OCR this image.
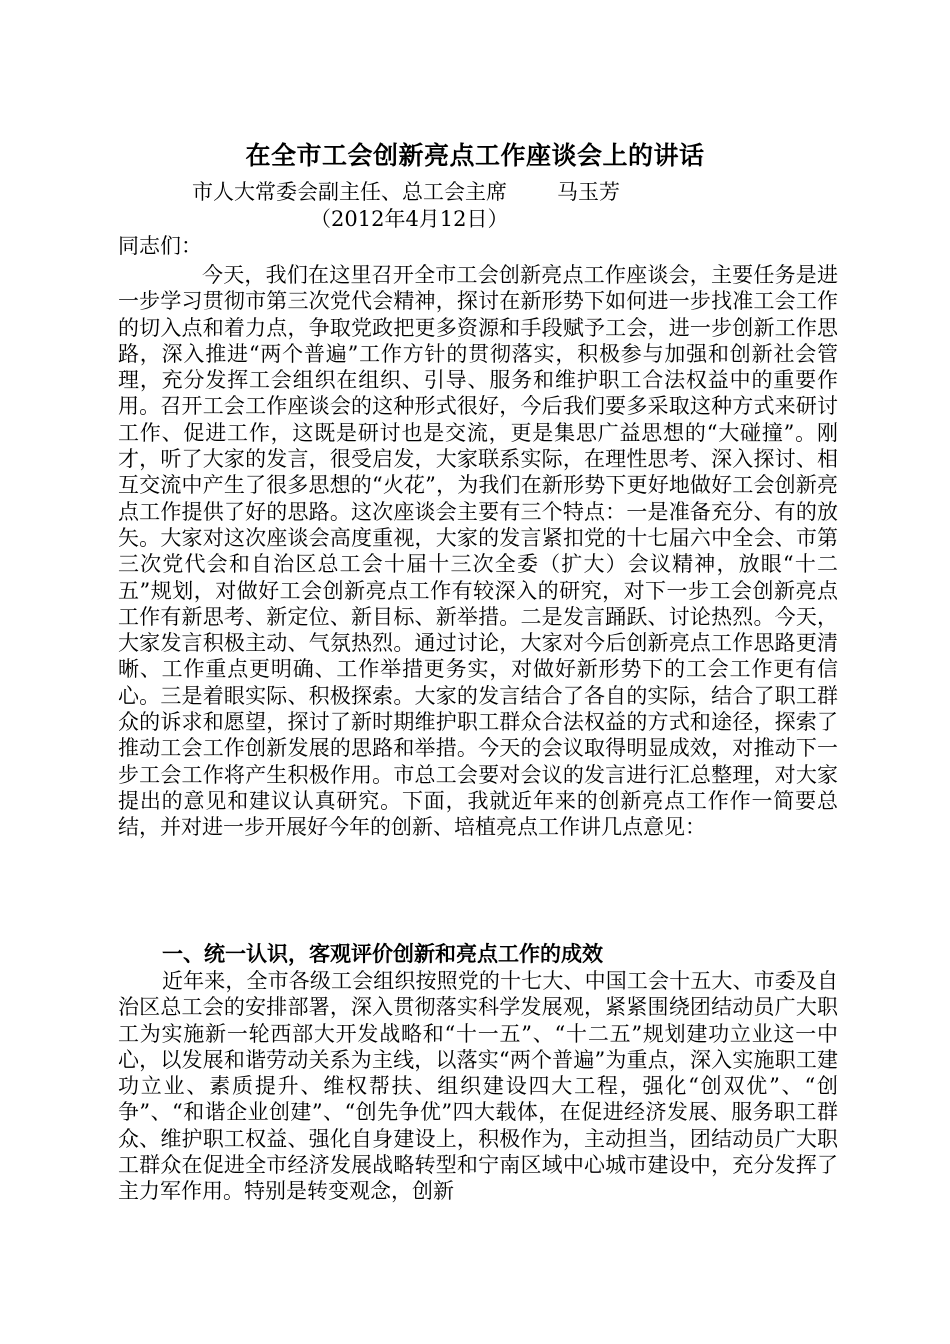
在全市工会创新亮点工作座谈会上的讲话
市人大常委会副主任、总工会主席 马玉芳
（2012年4月12日）
同志们：
今天，我们在这里召开全市工会创新亮点工作座谈会，主要任务是进一步学习贯彻市第三次党代会精神，探讨在新形势下如何进一步找准工会工作的切入点和着力点，争取党政把更多资源和手段赋予工会，进一步创新工作思路，深入推进“两个普遍”工作方针的贯彻落实，积极参与加强和创新社会管理，充分发挥工会组织在组织、引导、服务和维护职工合法权益中的重要作用。召开工会工作座谈会的这种形式很好，今后我们要多采取这种方式来研讨工作、促进工作，这既是研讨也是交流，更是集思广益思想的“大碰撞”。刚才，听了大家的发言，很受启发，大家联系实际，在理性思考、深入探讨、相互交流中产生了很多思想的“火花”，为我们在新形势下更好地做好工会创新亮点工作提供了好的思路。这次座谈会主要有三个特点：一是准备充分、有的放矢。大家对这次座谈会高度重视，大家的发言紧扣党的十七届六中全会、市第三次党代会和自治区总工会十届十三次全委（扩大）会议精神，放眼“十二五”规划，对做好工会创新亮点工作有较深入的研究，对下一步工会创新亮点工作有新思考、新定位、新目标、新举措。二是发言踊跃、讨论热烈。今天，大家发言积极主动、气氛热烈。通过讨论，大家对今后创新亮点工作思路更清晰、工作重点更明确、工作举措更务实，对做好新形势下的工会工作更有信心。三是着眼实际、积极探索。大家的发言结合了各自的实际，结合了职工群众的诉求和愿望，探讨了新时期维护职工群众合法权益的方式和途径，探索了推动工会工作创新发展的思路和举措。今天的会议取得明显成效，对推动下一步工会工作将产生积极作用。市总工会要对会议的发言进行汇总整理，对大家提出的意见和建议认真研究。下面，我就近年来的创新亮点工作作一简要总结，并对进一步开展好今年的创新、培植亮点工作讲几点意见：
一、统一认识，客观评价创新和亮点工作的成效
近年来，全市各级工会组织按照党的十七大、中国工会十五大、市委及自治区总工会的安排部署，深入贯彻落实科学发展观，紧紧围绕团结动员广大职工为实施新一轮西部大开发战略和“十一五”、“十二五”规划建功立业这一中心，以发展和谐劳动关系为主线，以落实“两个普遍”为重点，深入实施职工建功立业、素质提升、维权帮扶、组织建设四大工程，强化“创双优”、“创争”、“和谐企业创建”、“创先争优”四大载体，在促进经济发展、服务职工群众、维护职工权益、强化自身建设上，积极作为，主动担当，团结动员广大职工群众在促进全市经济发展战略转型和宁南区域中心城市建设中，充分发挥了主力军作用。特别是转变观念，创新
